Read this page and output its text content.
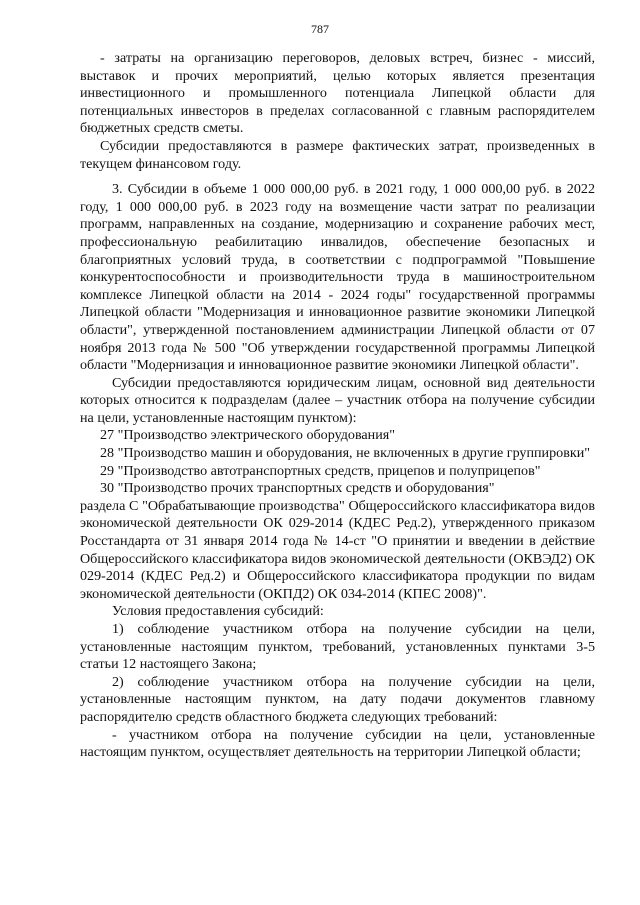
787

- затраты на организацию переговоров, деловых встреч, бизнес - миссий, выставок и прочих мероприятий, целью которых является презентация инвестиционного и промышленного потенциала Липецкой области для потенциальных инвесторов в пределах согласованной с главным распорядителем бюджетных средств сметы.

Субсидии предоставляются в размере фактических затрат, произведенных в текущем финансовом году.

3. Субсидии в объеме 1 000 000,00 руб. в 2021 году, 1 000 000,00 руб. в 2022 году, 1 000 000,00 руб. в 2023 году на возмещение части затрат по реализации программ, направленных на создание, модернизацию и сохранение рабочих мест, профессиональную реабилитацию инвалидов, обеспечение безопасных и благоприятных условий труда, в соответствии с подпрограммой "Повышение конкурентоспособности и производительности труда в машиностроительном комплексе Липецкой области на 2014 - 2024 годы" государственной программы Липецкой области "Модернизация и инновационное развитие экономики Липецкой области", утвержденной постановлением администрации Липецкой области от 07 ноября 2013 года № 500 "Об утверждении государственной программы Липецкой области "Модернизация и инновационное развитие экономики Липецкой области".

Субсидии предоставляются юридическим лицам, основной вид деятельности которых относится к подразделам (далее – участник отбора на получение субсидии на цели, установленные настоящим пунктом):

27 "Производство электрического оборудования"

28 "Производство машин и оборудования, не включенных в другие группировки"

29 "Производство автотранспортных средств, прицепов и полуприцепов"

30 "Производство прочих транспортных средств и оборудования"

раздела С "Обрабатывающие производства" Общероссийского классификатора видов экономической деятельности ОК 029-2014 (КДЕС Ред.2), утвержденного приказом Росстандарта от 31 января 2014 года № 14-ст "О принятии и введении в действие Общероссийского классификатора видов экономической деятельности (ОКВЭД2) ОК 029-2014 (КДЕС Ред.2) и Общероссийского классификатора продукции по видам экономической деятельности (ОКПД2) ОК 034-2014 (КПЕС 2008)".

Условия предоставления субсидий:

1) соблюдение участником отбора на получение субсидии на цели, установленные настоящим пунктом, требований, установленных пунктами 3-5 статьи 12 настоящего Закона;

2) соблюдение участником отбора на получение субсидии на цели, установленные настоящим пунктом, на дату подачи документов главному распорядителю средств областного бюджета следующих требований:

- участником отбора на получение субсидии на цели, установленные настоящим пунктом, осуществляет деятельность на территории Липецкой области;
